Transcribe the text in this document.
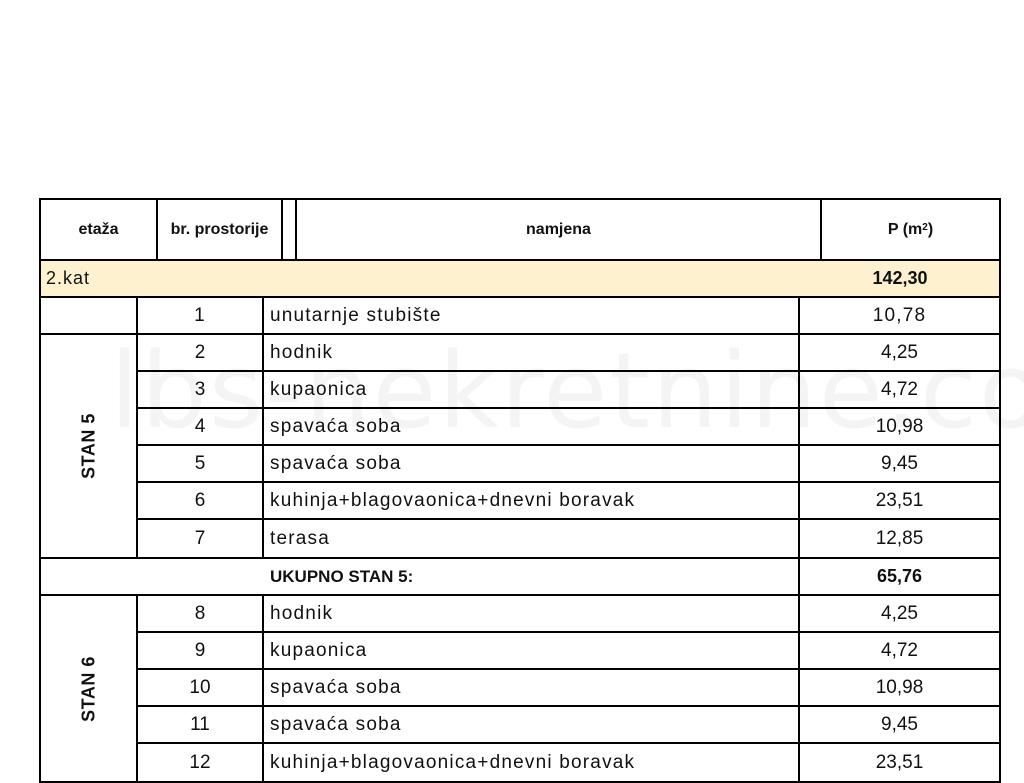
etaža	br. prostorije	namjena	P ($m^2$ )
2.kat	142,30
1	unutarnje stubište	10,78
STAN 5
2	hodnik	4,25
3	kupaonica	4,72
4	spavaća soba	10,98
5	spavaća soba	9,45
6	kuhinja+blagovaonica+dnevni boravak	23,51
7	terasa	12,85
UKUPNO STAN 5:	65,76
STAN 6
8	hodnik	4,25
9	kupaonica	4,72
10	spavaća soba	10,98
11	spavaća soba	9,45
12	kuhinja+blagovaonica+dnevni boravak	23,51
